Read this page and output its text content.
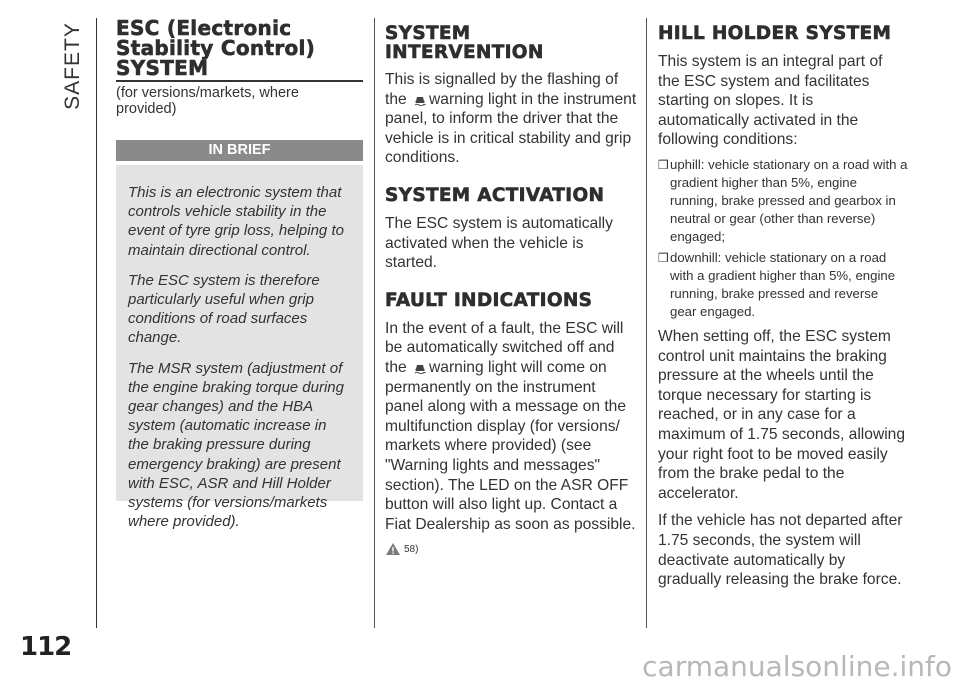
SAFETY ESC (Electronic
Stability Control)
SYSTEM

(for versions/markets, where
provided)

IN BRIEF

This is an electronic system that controls vehicle stability in the event of tyre grip loss, helping to maintain directional control.

The ESC system is therefore particularly useful when grip conditions of road surfaces change.

The MSR system (adjustment of the engine braking torque during gear changes) and the HBA system (automatic increase in the braking pressure during emergency braking) are present with ESC, ASR and Hill Holder systems (for versions/markets where provided).

SYSTEM
INTERVENTION

This is signalled by the flashing of the warning light in the instrument panel, to inform the driver that the vehicle is in critical stability and grip conditions.

SYSTEM ACTIVATION

The ESC system is automatically activated when the vehicle is started.

FAULT INDICATIONS

In the event of a fault, the ESC will be automatically switched off and the warning light will come on permanently on the instrument panel along with a message on the multifunction display (for versions/ markets where provided) (see "Warning lights and messages" section). The LED on the ASR OFF button will also light up. Contact a Fiat Dealership as soon as possible.

58)
HILL HOLDER SYSTEM

This system is an integral part of the ESC system and facilitates starting on slopes. It is automatically activated in the following conditions:

❒ uphill: vehicle stationary on a road with a gradient higher than 5%, engine running, brake pressed and gearbox in neutral or gear (other than reverse) engaged;
❒ downhill: vehicle stationary on a road with a gradient higher than 5%, engine running, brake pressed and reverse gear engaged.

When setting off, the ESC system control unit maintains the braking pressure at the wheels until the torque necessary for starting is reached, or in any case for a maximum of 1.75 seconds, allowing your right foot to be moved easily from the brake pedal to the accelerator.

If the vehicle has not departed after 1.75 seconds, the system will deactivate automatically by gradually releasing the brake force.

112
carmanualsonline.info
